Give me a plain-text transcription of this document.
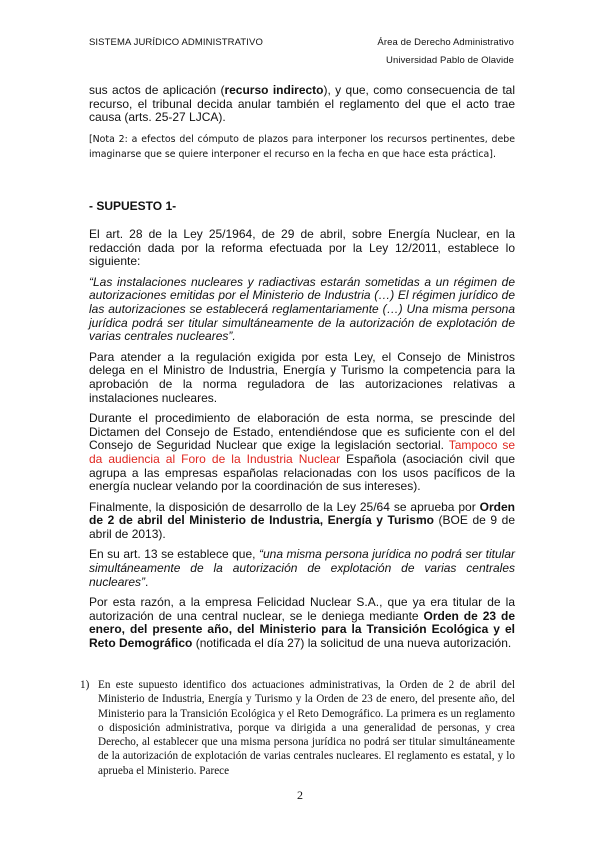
SISTEMA JURÍDICO ADMINISTRATIVO	Área de Derecho Administrativo
Universidad Pablo de Olavide

sus actos de aplicación (recurso indirecto), y que, como consecuencia de tal recurso, el tribunal decida anular también el reglamento del que el acto trae causa (arts. 25-27 LJCA).

[Nota 2: a efectos del cómputo de plazos para interponer los recursos pertinentes, debe imaginarse que se quiere interponer el recurso en la fecha en que hace esta práctica].
- SUPUESTO 1-

El art. 28 de la Ley 25/1964, de 29 de abril, sobre Energía Nuclear, en la redacción dada por la reforma efectuada por la Ley 12/2011, establece lo siguiente:

“Las instalaciones nucleares y radiactivas estarán sometidas a un régimen de autorizaciones emitidas por el Ministerio de Industria (…) El régimen jurídico de las autorizaciones se establecerá reglamentariamente (…) Una misma persona jurídica podrá ser titular simultáneamente de la autorización de explotación de varias centrales nucleares”.

Para atender a la regulación exigida por esta Ley, el Consejo de Ministros delega en el Ministro de Industria, Energía y Turismo la competencia para la aprobación de la norma reguladora de las autorizaciones relativas a instalaciones nucleares.

Durante el procedimiento de elaboración de esta norma, se prescinde del Dictamen del Consejo de Estado, entendiéndose que es suficiente con el del Consejo de Seguridad Nuclear que exige la legislación sectorial. Tampoco se da audiencia al Foro de la Industria Nuclear Española (asociación civil que agrupa a las empresas españolas relacionadas con los usos pacíficos de la energía nuclear velando por la coordinación de sus intereses).

Finalmente, la disposición de desarrollo de la Ley 25/64 se aprueba por Orden de 2 de abril del Ministerio de Industria, Energía y Turismo (BOE de 9 de abril de 2013).

En su art. 13 se establece que, “una misma persona jurídica no podrá ser titular simultáneamente de la autorización de explotación de varias centrales nucleares”.

Por esta razón, a la empresa Felicidad Nuclear S.A., que ya era titular de la autorización de una central nuclear, se le deniega mediante Orden de 23 de enero, del presente año, del Ministerio para la Transición Ecológica y el Reto Demográfico (notificada el día 27) la solicitud de una nueva autorización.

1) En este supuesto identifico dos actuaciones administrativas, la Orden de 2 de abril del Ministerio de Industria, Energía y Turismo y la Orden de 23 de enero, del presente año, del Ministerio para la Transición Ecológica y el Reto Demográfico. La primera es un reglamento o disposición administrativa, porque va dirigida a una generalidad de personas, y crea Derecho, al establecer que una misma persona jurídica no podrá ser titular simultáneamente de la autorización de explotación de varias centrales nucleares. El reglamento es estatal, y lo aprueba el Ministerio. Parece
2
